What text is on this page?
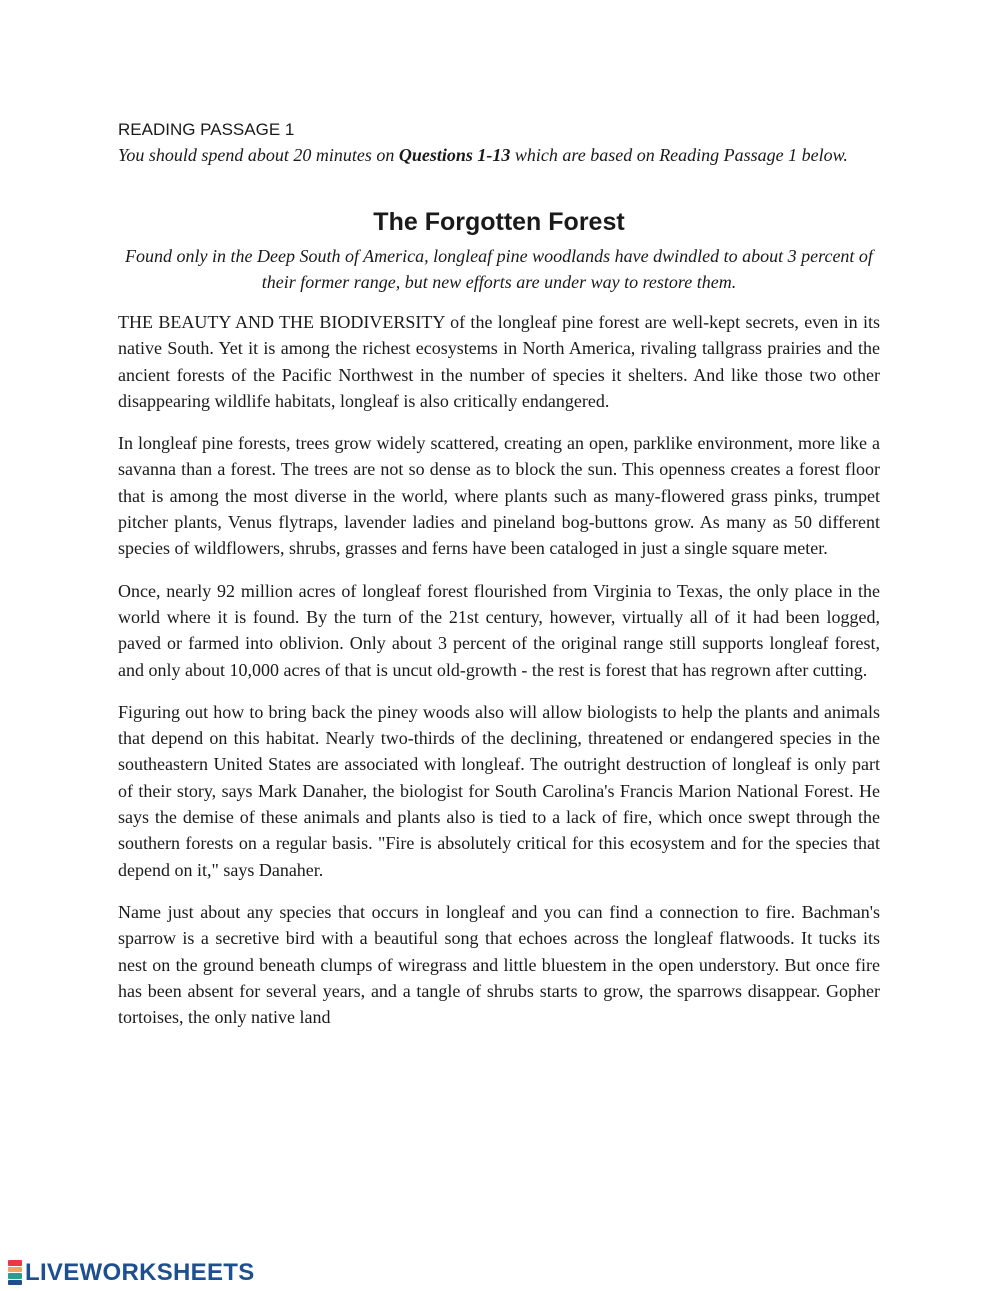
READING PASSAGE 1

You should spend about 20 minutes on Questions 1-13 which are based on Reading Passage 1 below.

The Forgotten Forest

Found only in the Deep South of America, longleaf pine woodlands have dwindled to about 3 percent of their former range, but new efforts are under way to restore them.

THE BEAUTY AND THE BIODIVERSITY of the longleaf pine forest are well-kept secrets, even in its native South. Yet it is among the richest ecosystems in North America, rivaling tallgrass prairies and the ancient forests of the Pacific Northwest in the number of species it shelters. And like those two other disappearing wildlife habitats, longleaf is also critically endangered.

In longleaf pine forests, trees grow widely scattered, creating an open, parklike environment, more like a savanna than a forest. The trees are not so dense as to block the sun. This openness creates a forest floor that is among the most diverse in the world, where plants such as many-flowered grass pinks, trumpet pitcher plants, Venus flytraps, lavender ladies and pineland bog-buttons grow. As many as 50 different species of wildflowers, shrubs, grasses and ferns have been cataloged in just a single square meter.

Once, nearly 92 million acres of longleaf forest flourished from Virginia to Texas, the only place in the world where it is found. By the turn of the 21st century, however, virtually all of it had been logged, paved or farmed into oblivion. Only about 3 percent of the original range still supports longleaf forest, and only about 10,000 acres of that is uncut old-growth - the rest is forest that has regrown after cutting.

Figuring out how to bring back the piney woods also will allow biologists to help the plants and animals that depend on this habitat. Nearly two-thirds of the declining, threatened or endangered species in the southeastern United States are associated with longleaf. The outright destruction of longleaf is only part of their story, says Mark Danaher, the biologist for South Carolina's Francis Marion National Forest. He says the demise of these animals and plants also is tied to a lack of fire, which once swept through the southern forests on a regular basis. "Fire is absolutely critical for this ecosystem and for the species that depend on it," says Danaher.

Name just about any species that occurs in longleaf and you can find a connection to fire. Bachman's sparrow is a secretive bird with a beautiful song that echoes across the longleaf flatwoods. It tucks its nest on the ground beneath clumps of wiregrass and little bluestem in the open understory. But once fire has been absent for several years, and a tangle of shrubs starts to grow, the sparrows disappear. Gopher tortoises, the only native land

LIVEWORKSHEETS
